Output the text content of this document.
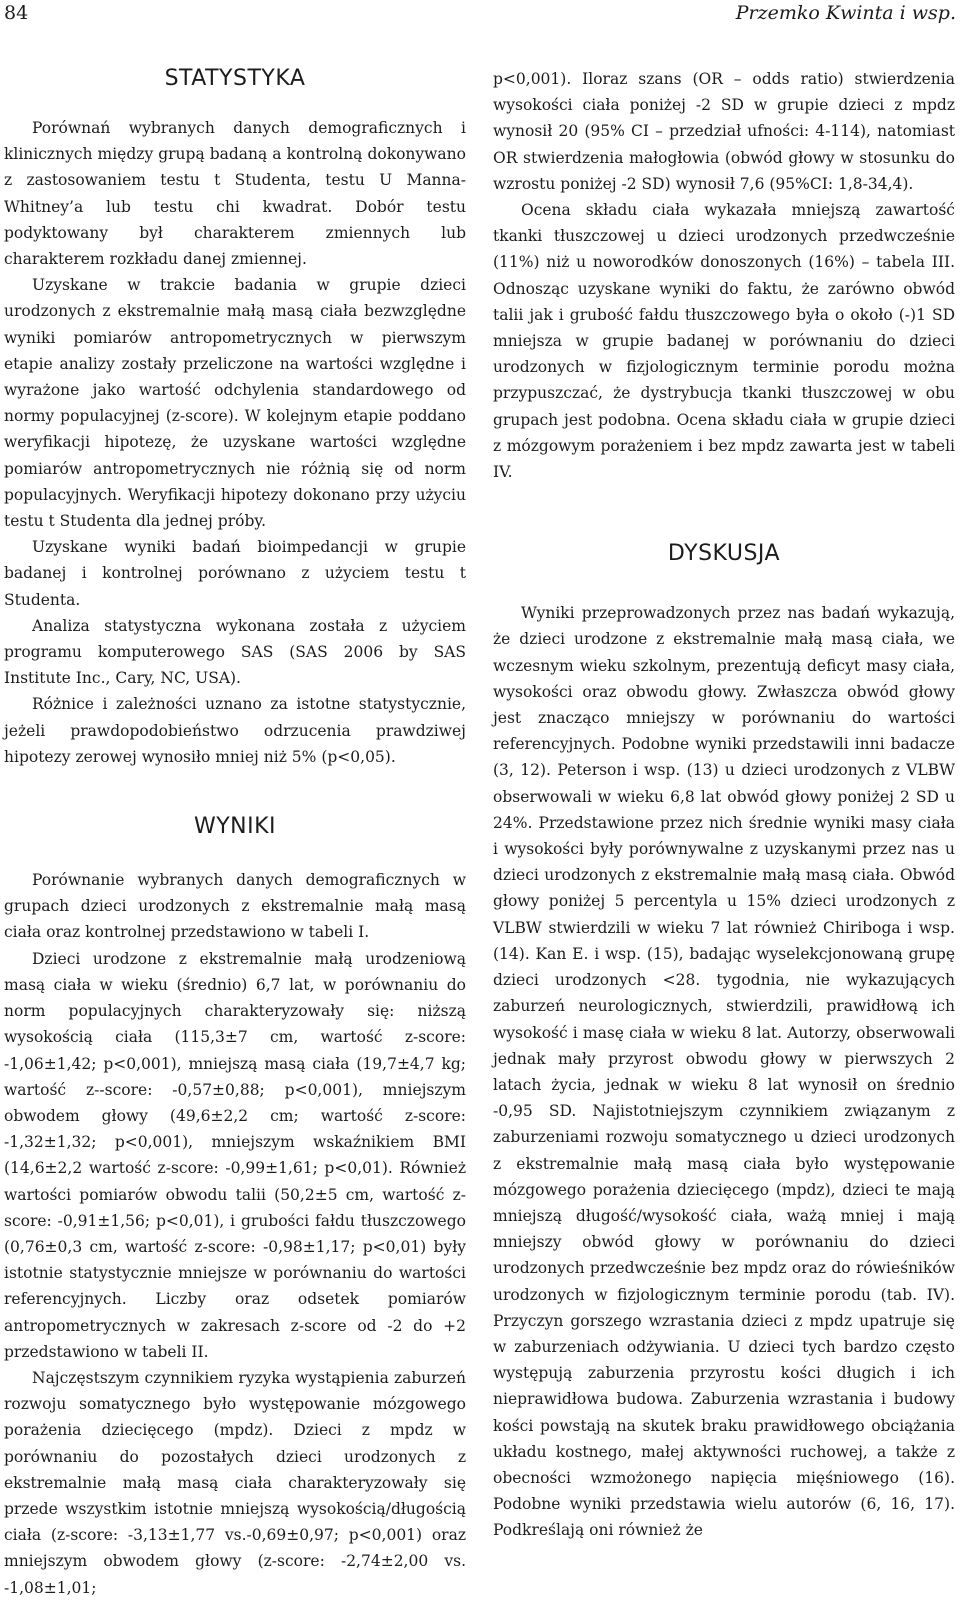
84	Przemko Kwinta i wsp.
STATYSTYKA

Porównań wybranych danych demograficznych i klinicznych między grupą badaną a kontrolną dokonywano z zastosowaniem testu t Studenta, testu U Manna-Whitney’a lub testu chi kwadrat. Dobór testu podyktowany był charakterem zmiennych lub charakterem rozkładu danej zmiennej.

Uzyskane w trakcie badania w grupie dzieci urodzonych z ekstremalnie małą masą ciała bezwzględne wyniki pomiarów antropometrycznych w pierwszym etapie analizy zostały przeliczone na wartości względne i wyrażone jako wartość odchylenia standardowego od normy populacyjnej (z-score). W kolejnym etapie poddano weryfikacji hipotezę, że uzyskane wartości względne pomiarów antropometrycznych nie różnią się od norm populacyjnych. Weryfikacji hipotezy dokonano przy użyciu testu t Studenta dla jednej próby.

Uzyskane wyniki badań bioimpedancji w grupie badanej i kontrolnej porównano z użyciem testu t Studenta.

Analiza statystyczna wykonana została z użyciem programu komputerowego SAS (SAS 2006 by SAS Institute Inc., Cary, NC, USA).

Różnice i zależności uznano za istotne statystycznie, jeżeli prawdopodobieństwo odrzucenia prawdziwej hipotezy zerowej wynosiło mniej niż 5% (p<0,05).

WYNIKI

Porównanie wybranych danych demograficznych w grupach dzieci urodzonych z ekstremalnie małą masą ciała oraz kontrolnej przedstawiono w tabeli I.

Dzieci urodzone z ekstremalnie małą urodzeniową masą ciała w wieku (średnio) 6,7 lat, w porównaniu do norm populacyjnych charakteryzowały się: niższą wysokością ciała (115,3±7 cm, wartość z-score: -1,06±1,42; p<0,001), mniejszą masą ciała (19,7±4,7 kg; wartość z--score: -0,57±0,88; p<0,001), mniejszym obwodem głowy (49,6±2,2 cm; wartość z-score: -1,32±1,32; p<0,001), mniejszym wskaźnikiem BMI (14,6±2,2 wartość z-score: -0,99±1,61; p<0,01). Również wartości pomiarów obwodu talii (50,2±5 cm, wartość z-score: -0,91±1,56; p<0,01), i grubości fałdu tłuszczowego (0,76±0,3 cm, wartość z-score: -0,98±1,17; p<0,01) były istotnie statystycznie mniejsze w porównaniu do wartości referencyjnych. Liczby oraz odsetek pomiarów antropometrycznych w zakresach z-score od -2 do +2 przedstawiono w tabeli II.

Najczęstszym czynnikiem ryzyka wystąpienia zaburzeń rozwoju somatycznego było występowanie mózgowego porażenia dziecięcego (mpdz). Dzieci z mpdz w porównaniu do pozostałych dzieci urodzonych z ekstremalnie małą masą ciała charakteryzowały się przede wszystkim istotnie mniejszą wysokością/długością ciała (z-score: -3,13±1,77 vs.-0,69±0,97; p<0,001) oraz mniejszym obwodem głowy (z-score: -2,74±2,00 vs. -1,08±1,01;

p<0,001). Iloraz szans (OR – odds ratio) stwierdzenia wysokości ciała poniżej -2 SD w grupie dzieci z mpdz wynosił 20 (95% CI – przedział ufności: 4-114), natomiast OR stwierdzenia małogłowia (obwód głowy w stosunku do wzrostu poniżej -2 SD) wynosił 7,6 (95%CI: 1,8-34,4).

Ocena składu ciała wykazała mniejszą zawartość tkanki tłuszczowej u dzieci urodzonych przedwcześnie (11%) niż u noworodków donoszonych (16%) – tabela III. Odnosząc uzyskane wyniki do faktu, że zarówno obwód talii jak i grubość fałdu tłuszczowego była o około (-)1 SD mniejsza w grupie badanej w porównaniu do dzieci urodzonych w fizjologicznym terminie porodu można przypuszczać, że dystrybucja tkanki tłuszczowej w obu grupach jest podobna. Ocena składu ciała w grupie dzieci z mózgowym porażeniem i bez mpdz zawarta jest w tabeli IV.

DYSKUSJA

Wyniki przeprowadzonych przez nas badań wykazują, że dzieci urodzone z ekstremalnie małą masą ciała, we wczesnym wieku szkolnym, prezentują deficyt masy ciała, wysokości oraz obwodu głowy. Zwłaszcza obwód głowy jest znacząco mniejszy w porównaniu do wartości referencyjnych. Podobne wyniki przedstawili inni badacze (3, 12). Peterson i wsp. (13) u dzieci urodzonych z VLBW obserwowali w wieku 6,8 lat obwód głowy poniżej 2 SD u 24%. Przedstawione przez nich średnie wyniki masy ciała i wysokości były porównywalne z uzyskanymi przez nas u dzieci urodzonych z ekstremalnie małą masą ciała. Obwód głowy poniżej 5 percentyla u 15% dzieci urodzonych z VLBW stwierdzili w wieku 7 lat również Chiriboga i wsp. (14). Kan E. i wsp. (15), badając wyselekcjonowaną grupę dzieci urodzonych <28. tygodnia, nie wykazujących zaburzeń neurologicznych, stwierdzili, prawidłową ich wysokość i masę ciała w wieku 8 lat. Autorzy, obserwowali jednak mały przyrost obwodu głowy w pierwszych 2 latach życia, jednak w wieku 8 lat wynosił on średnio -0,95 SD. Najistotniejszym czynnikiem związanym z zaburzeniami rozwoju somatycznego u dzieci urodzonych z ekstremalnie małą masą ciała było występowanie mózgowego porażenia dziecięcego (mpdz), dzieci te mają mniejszą długość/wysokość ciała, ważą mniej i mają mniejszy obwód głowy w porównaniu do dzieci urodzonych przedwcześnie bez mpdz oraz do rówieśników urodzonych w fizjologicznym terminie porodu (tab. IV). Przyczyn gorszego wzrastania dzieci z mpdz upatruje się w zaburzeniach odżywiania. U dzieci tych bardzo często występują zaburzenia przyrostu kości długich i ich nieprawidłowa budowa. Zaburzenia wzrastania i budowy kości powstają na skutek braku prawidłowego obciążania układu kostnego, małej aktywności ruchowej, a także z obecności wzmożonego napięcia mięśniowego (16). Podobne wyniki przedstawia wielu autorów (6, 16, 17). Podkreślają oni również że
